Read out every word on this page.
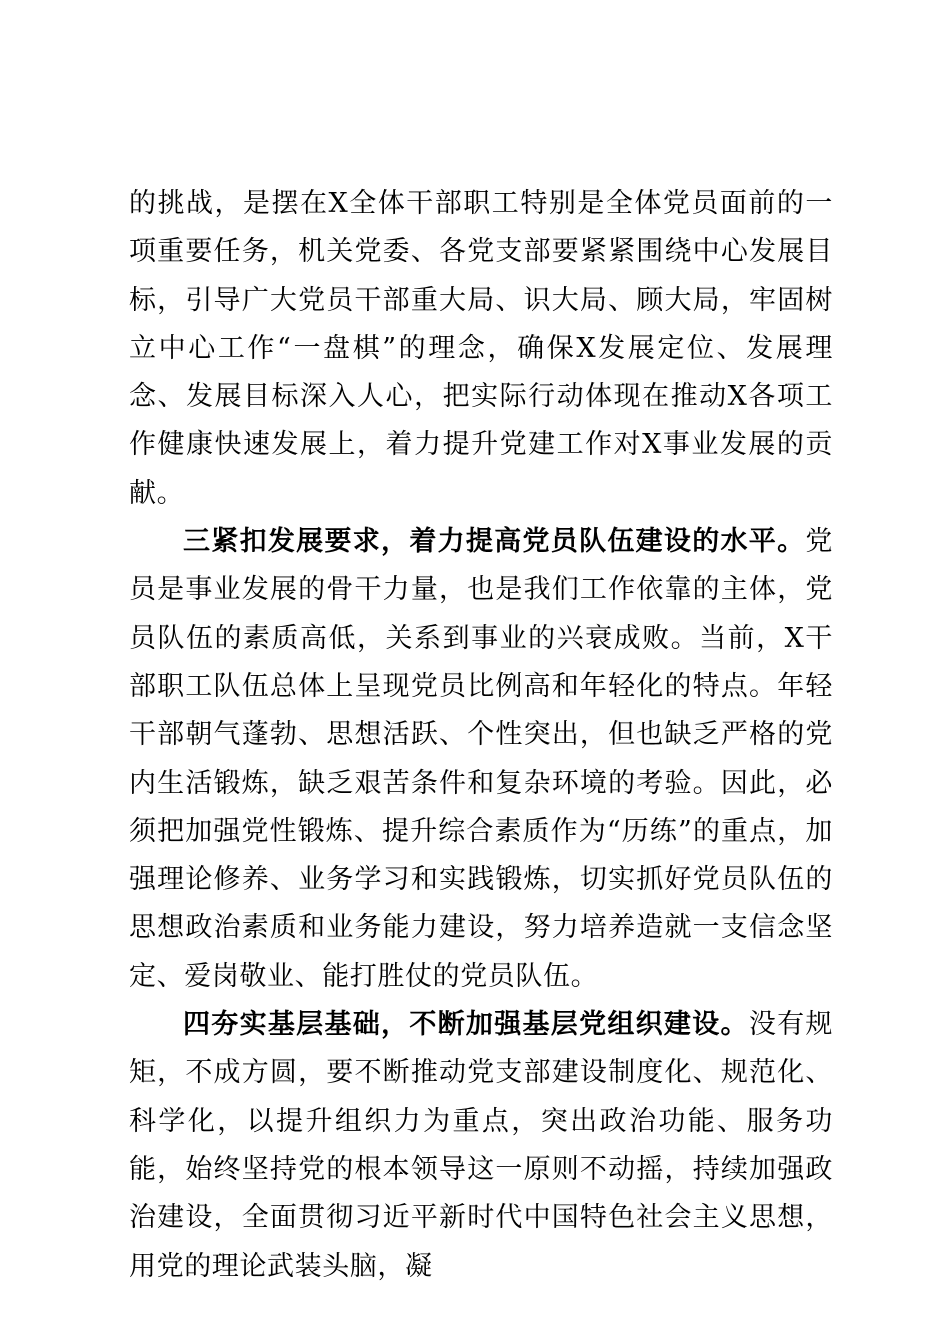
的挑战，是摆在X全体干部职工特别是全体党员面前的一项重要任务，机关党委、各党支部要紧紧围绕中心发展目标，引导广大党员干部重大局、识大局、顾大局，牢固树立中心工作“一盘棋”的理念，确保X发展定位、发展理念、发展目标深入人心，把实际行动体现在推动X各项工作健康快速发展上，着力提升党建工作对X事业发展的贡献。

三紧扣发展要求，着力提高党员队伍建设的水平。党员是事业发展的骨干力量，也是我们工作依靠的主体，党员队伍的素质高低，关系到事业的兴衰成败。当前，X干部职工队伍总体上呈现党员比例高和年轻化的特点。年轻干部朝气蓬勃、思想活跃、个性突出，但也缺乏严格的党内生活锻炼，缺乏艰苦条件和复杂环境的考验。因此，必须把加强党性锻炼、提升综合素质作为“历练”的重点，加强理论修养、业务学习和实践锻炼，切实抓好党员队伍的思想政治素质和业务能力建设，努力培养造就一支信念坚定、爱岗敬业、能打胜仗的党员队伍。

四夯实基层基础，不断加强基层党组织建设。没有规矩，不成方圆，要不断推动党支部建设制度化、规范化、科学化，以提升组织力为重点，突出政治功能、服务功能，始终坚持党的根本领导这一原则不动摇，持续加强政治建设，全面贯彻习近平新时代中国特色社会主义思想，用党的理论武装头脑，凝
